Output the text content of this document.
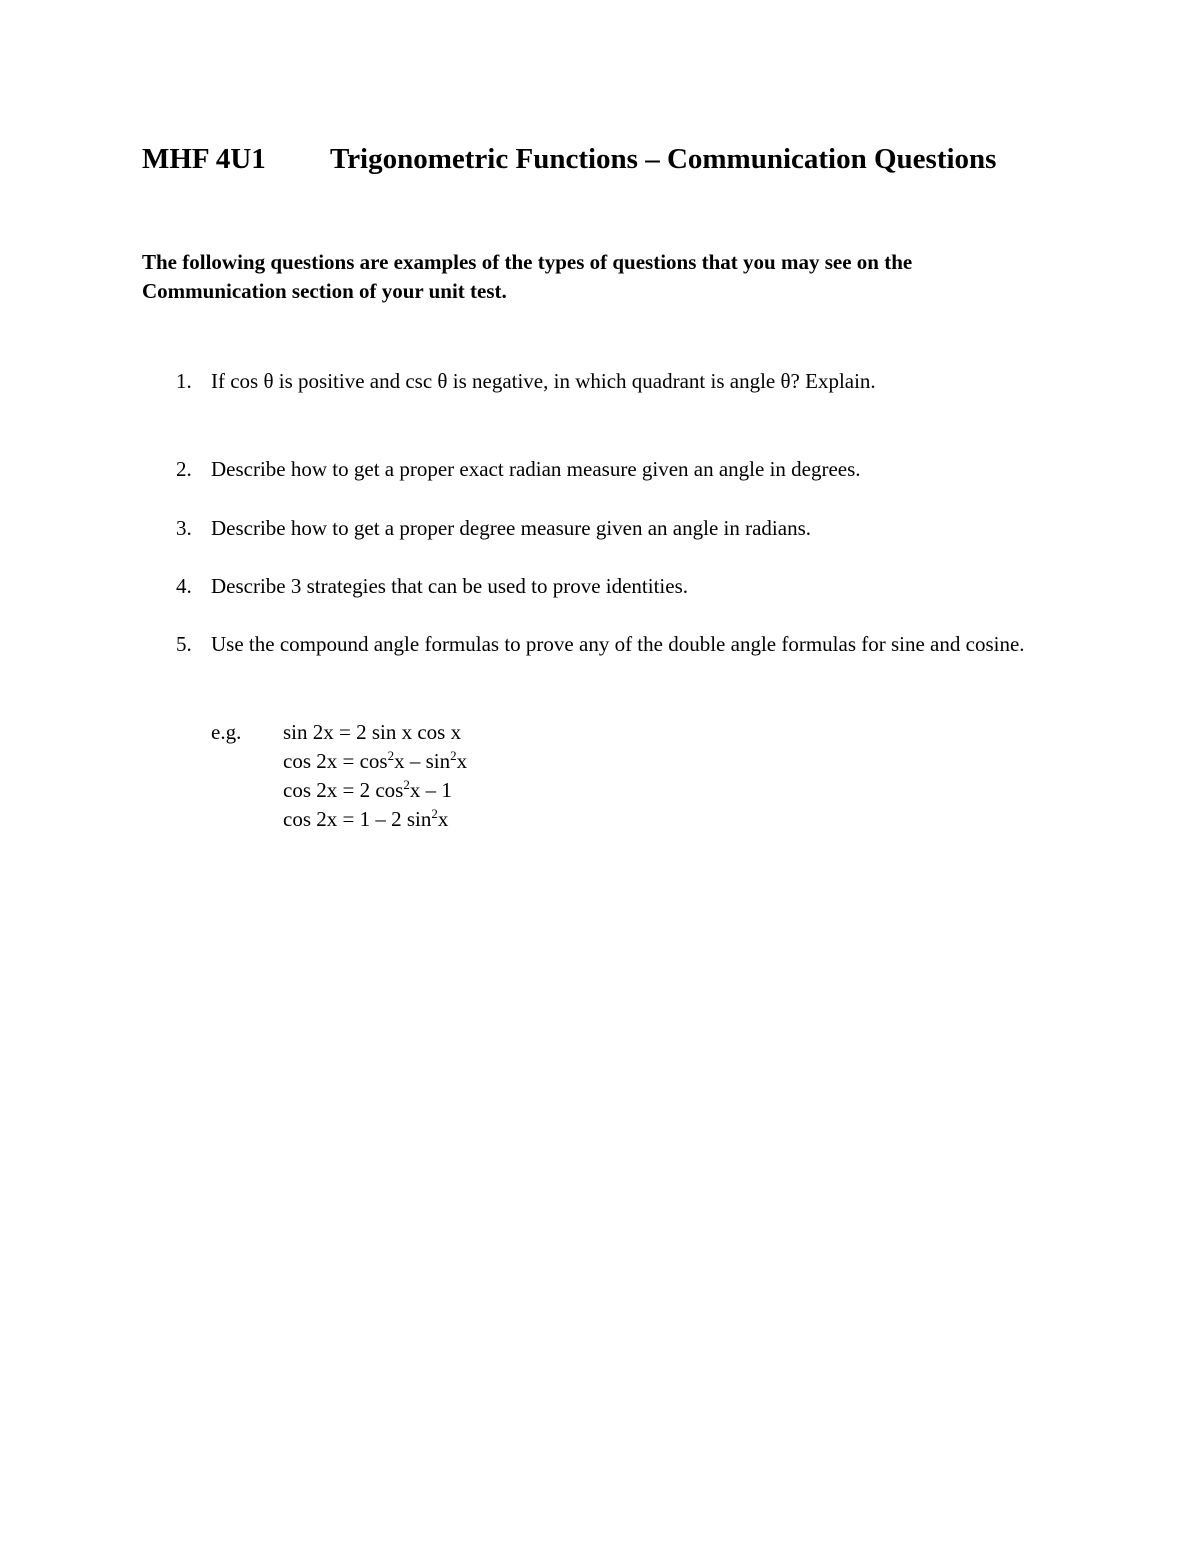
MHF 4U1 Trigonometric Functions – Communication Questions

The following questions are examples of the types of questions that you may see on the Communication section of your unit test.

1. If cos θ is positive and csc θ is negative, in which quadrant is angle θ? Explain.
2. Describe how to get a proper exact radian measure given an angle in degrees.
3. Describe how to get a proper degree measure given an angle in radians.
4. Describe 3 strategies that can be used to prove identities.
5. Use the compound angle formulas to prove any of the double angle formulas for sine and cosine.
e.g. sin 2x = 2 sin x cos x
$\cos 2x = \cos^2x - \sin^2x$
cos 2x = 2 $\cos^2x - 1$
cos 2x = 1 – 2 $\sin^2x$
